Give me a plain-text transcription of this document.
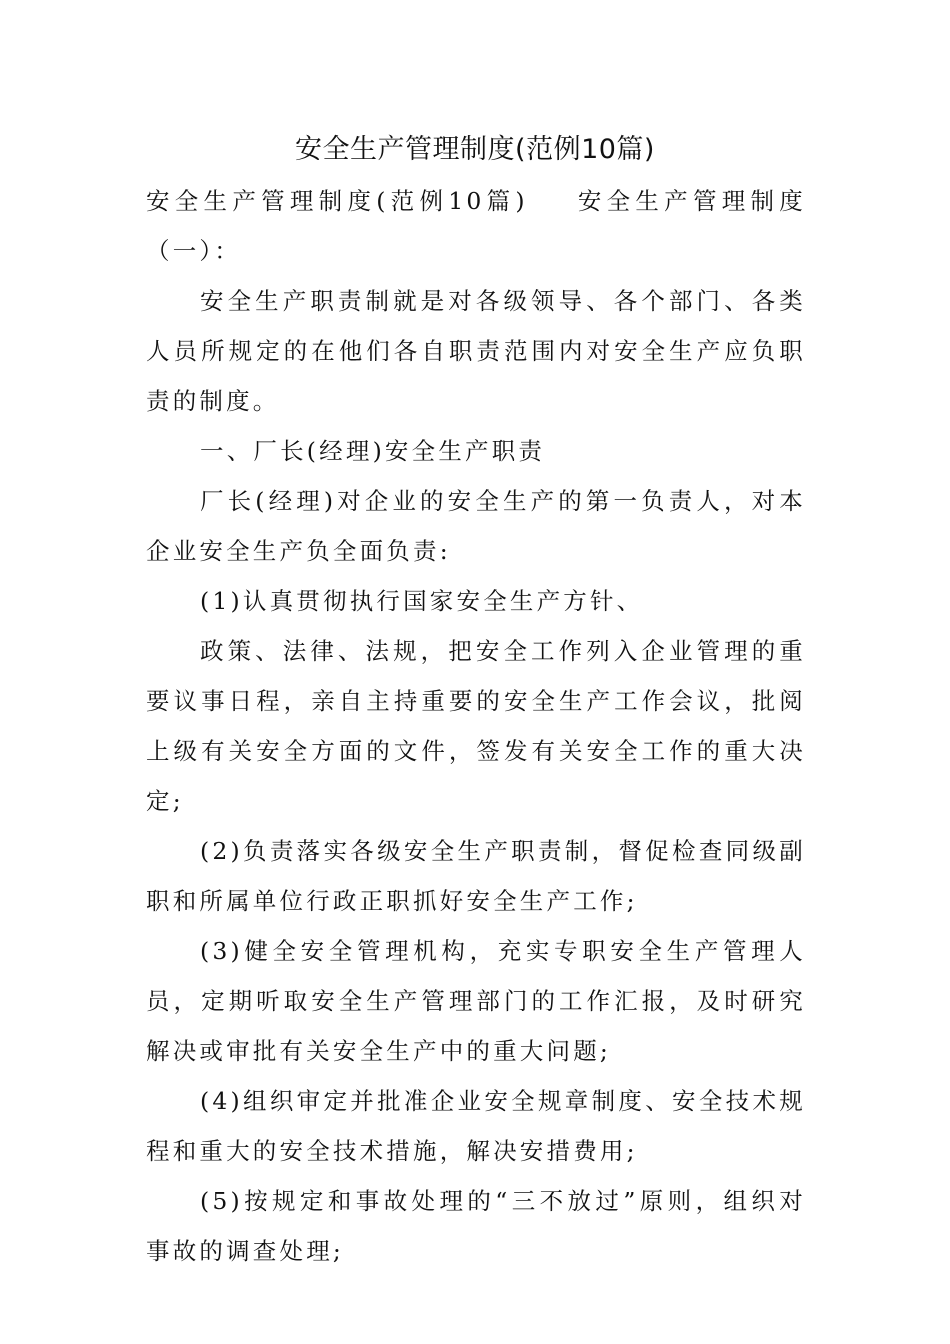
安全生产管理制度(范例10篇)

安全生产管理制度(范例10篇) 安全生产管理制度

（一）：

安全生产职责制就是对各级领导、各个部门、各类人员所规定的在他们各自职责范围内对安全生产应负职责的制度。

一、厂长(经理)安全生产职责

厂长(经理)对企业的安全生产的第一负责人，对本企业安全生产负全面负责:

(1)认真贯彻执行国家安全生产方针、

政策、法律、法规，把安全工作列入企业管理的重要议事日程，亲自主持重要的安全生产工作会议，批阅上级有关安全方面的文件，签发有关安全工作的重大决定;

(2)负责落实各级安全生产职责制，督促检查同级副职和所属单位行政正职抓好安全生产工作;

(3)健全安全管理机构，充实专职安全生产管理人员，定期听取安全生产管理部门的工作汇报，及时研究解决或审批有关安全生产中的重大问题;

(4)组织审定并批准企业安全规章制度、安全技术规程和重大的安全技术措施，解决安措费用;

(5)按规定和事故处理的“三不放过”原则，组织对事故的调查处理;
